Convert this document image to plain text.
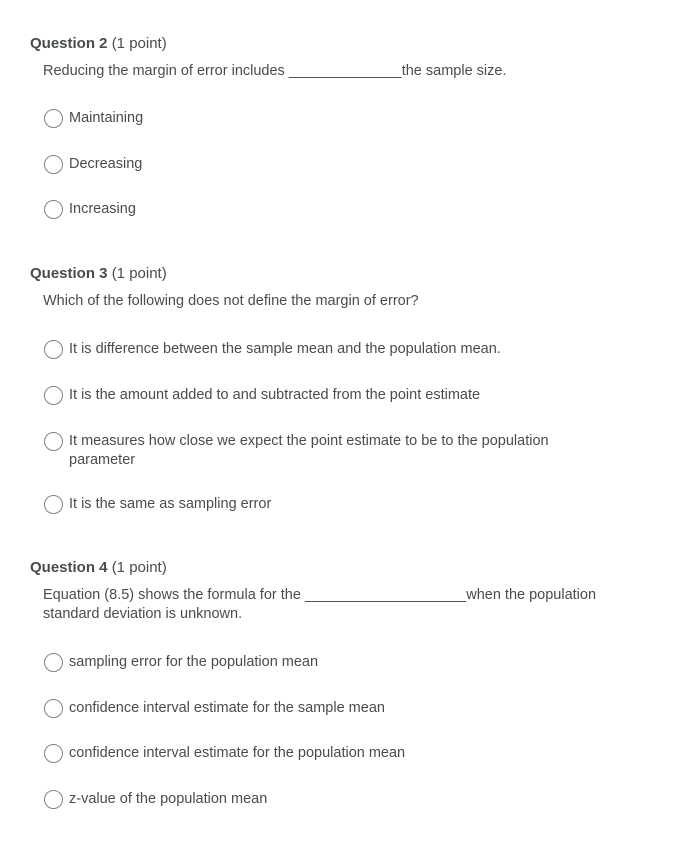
Question 2 (1 point)
Reducing the margin of error includes ______________the sample size.
Maintaining
Decreasing
Increasing
Question 3 (1 point)
Which of the following does not define the margin of error?
It is difference between the sample mean and the population mean.
It is the amount added to and subtracted from the point estimate
It measures how close we expect the point estimate to be to the population parameter
It is the same as sampling error
Question 4 (1 point)
Equation (8.5) shows the formula for the ____________________when the population standard deviation is unknown.
sampling error for the population mean
confidence interval estimate for the sample mean
confidence interval estimate for the population mean
z-value of the population mean
